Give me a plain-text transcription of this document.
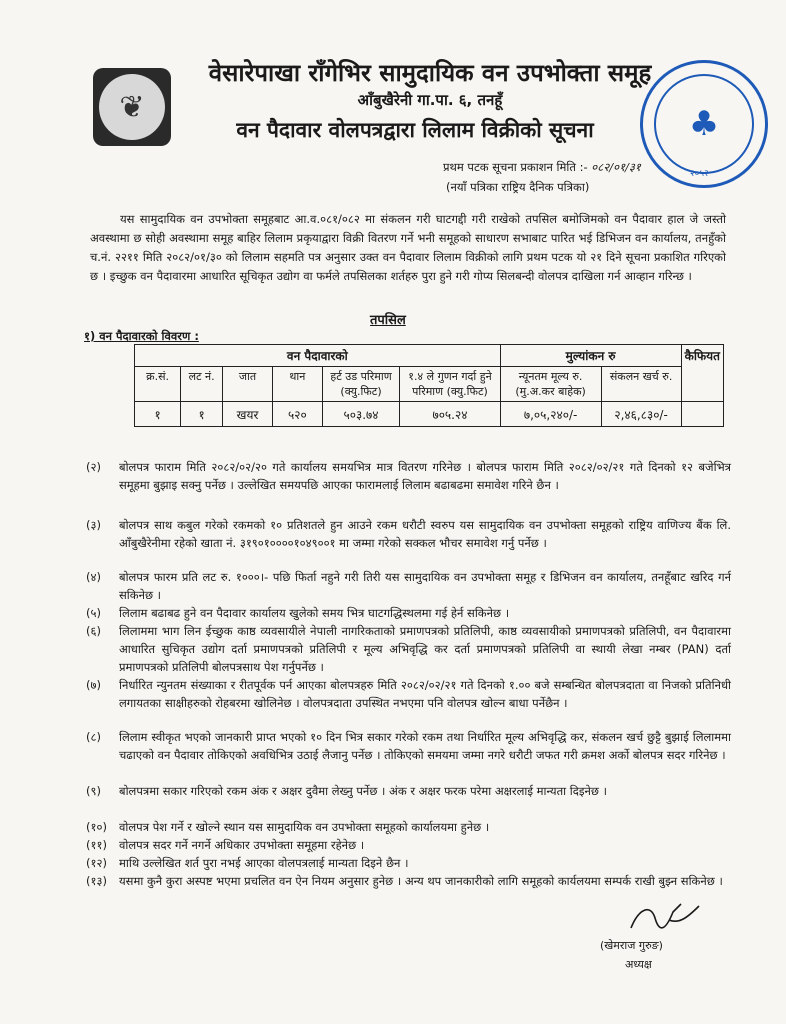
❦	♣
२०५२
वेसारेपाखा राँगेभिर सामुदायिक वन उपभोक्ता समूह
आँबुखैरेनी गा.पा. ६, तनहूँ
वन पैदावार वोलपत्रद्वारा लिलाम विक्रीको सूचना
प्रथम पटक सूचना प्रकाशन मिति :- ०८२/०१/३१
(नयाँ पत्रिका राष्ट्रिय दैनिक पत्रिका)
यस सामुदायिक वन उपभोक्ता समूहबाट आ.व.०८१/०८२ मा संकलन गरी घाटगद्दी गरी राखेको तपसिल बमोजिमको वन पैदावार हाल जे जस्तो अवस्थामा छ सोही अवस्थामा समूह बाहिर लिलाम प्रकृयाद्वारा विक्री वितरण गर्ने भनी समूहको साधारण सभाबाट पारित भई डिभिजन वन कार्यालय, तनहुँको च.नं. २२११ मिति २०८२/०१/३० को लिलाम सहमति पत्र अनुसार उक्त वन पैदावार लिलाम विक्रीको लागि प्रथम पटक यो २१ दिने सूचना प्रकाशित गरिएको छ । इच्छुक वन पैदावारमा आधारित सूचिकृत उद्योग वा फर्मले तपसिलका शर्तहरु पुरा हुने गरी गोप्य सिलबन्दी वोलपत्र दाखिला गर्न आव्हान गरिन्छ ।
तपसिल
१) वन पैदावारको विवरण :
वन पैदावारको						मुल्यांकन रु		कैफियत
क्र.सं.	लट नं.	जात	थान	हर्ट उड परिमाण (क्यु.फिट)	१.४ ले गुणन गर्दा हुने परिमाण (क्यु.फिट)	न्यूनतम मूल्य रु. (मु.अ.कर बाहेक)	संकलन खर्च रु.	
१	१	खयर	५२०	५०३.७४	७०५.२४	७,०५,२४०/-	२,४६,८३०/-	
(२)	बोलपत्र फाराम मिति २०८२/०२/२० गते कार्यालय समयभित्र मात्र वितरण गरिनेछ । बोलपत्र फाराम मिति २०८२/०२/२१ गते दिनको १२ बजेभित्र समूहमा बुझाइ सक्नु पर्नेछ । उल्लेखित समयपछि आएका फारामलाई लिलाम बढाबढमा समावेश गरिने छैन ।
(३)	बोलपत्र साथ कबुल गरेको रकमको १० प्रतिशतले हुन आउने रकम धरौटी स्वरुप यस सामुदायिक वन उपभोक्ता समूहको राष्ट्रिय वाणिज्य बैंक लि. आँबुखैरेनीमा रहेको खाता नं. ३१९०१००००१०४९००१ मा जम्मा गरेको सक्कल भौचर समावेश गर्नु पर्नेछ ।
(४)	बोलपत्र फारम प्रति लट रु. १०००।- पछि फिर्ता नहुने गरी तिरी यस सामुदायिक वन उपभोक्ता समूह र डिभिजन वन कार्यालय, तनहूँबाट खरिद गर्न सकिनेछ ।
(५)	लिलाम बढाबढ हुने वन पैदावार कार्यालय खुलेको समय भित्र घाटगद्धिस्थलमा गई हेर्न सकिनेछ ।
(६)	लिलाममा भाग लिन ईच्छुक काष्ठ व्यवसायीले नेपाली नागरिकताको प्रमाणपत्रको प्रतिलिपी, काष्ठ व्यवसायीको प्रमाणपत्रको प्रतिलिपी, वन पैदावारमा आधारित सुचिकृत उद्योग दर्ता प्रमाणपत्रको प्रतिलिपी र मूल्य अभिवृद्धि कर दर्ता प्रमाणपत्रको प्रतिलिपी वा स्थायी लेखा नम्बर (PAN) दर्ता प्रमाणपत्रको प्रतिलिपी बोलपत्रसाथ पेश गर्नुपर्नेछ ।
(७)	निर्धारित न्युनतम संख्याका र रीतपूर्वक पर्न आएका बोलपत्रहरु मिति २०८२/०२/२१ गते दिनको १.०० बजे सम्बन्धित बोलपत्रदाता वा निजको प्रतिनिधी लगायतका साक्षीहरुको रोहबरमा खोलिनेछ । वोलपत्रदाता उपस्थित नभएमा पनि वोलपत्र खोल्न बाधा पर्नेछैन ।
(८)	लिलाम स्वीकृत भएको जानकारी प्राप्त भएको १० दिन भित्र सकार गरेको रकम तथा निर्धारित मूल्य अभिवृद्धि कर, संकलन खर्च छुट्टै बुझाई लिलाममा चढाएको वन पैदावार तोकिएको अवधिभित्र उठाई लैजानु पर्नेछ । तोकिएको समयमा जम्मा नगरे धरौटी जफत गरी क्रमश अर्को बोलपत्र सदर गरिनेछ ।
(९)	बोलपत्रमा सकार गरिएको रकम अंक र अक्षर दुवैमा लेख्नु पर्नेछ । अंक र अक्षर फरक परेमा अक्षरलाई मान्यता दिइनेछ ।
(१०)	वोलपत्र पेश गर्ने र खोल्ने स्थान यस सामुदायिक वन उपभोक्ता समूहको कार्यालयमा हुनेछ ।
(११)	वोलपत्र सदर गर्ने नगर्ने अधिकार उपभोक्ता समूहमा रहेनेछ ।
(१२)	माथि उल्लेखित शर्त पुरा नभई आएका वोलपत्रलाई मान्यता दिइने छैन ।
(१३)	यसमा कुनै कुरा अस्पष्ट भएमा प्रचलित वन ऐन नियम अनुसार हुनेछ । अन्य थप जानकारीको लागि समूहको कार्यलयमा सम्पर्क राखी बुझ्न सकिनेछ ।
(खेमराज गुरुङ)
अध्यक्ष
